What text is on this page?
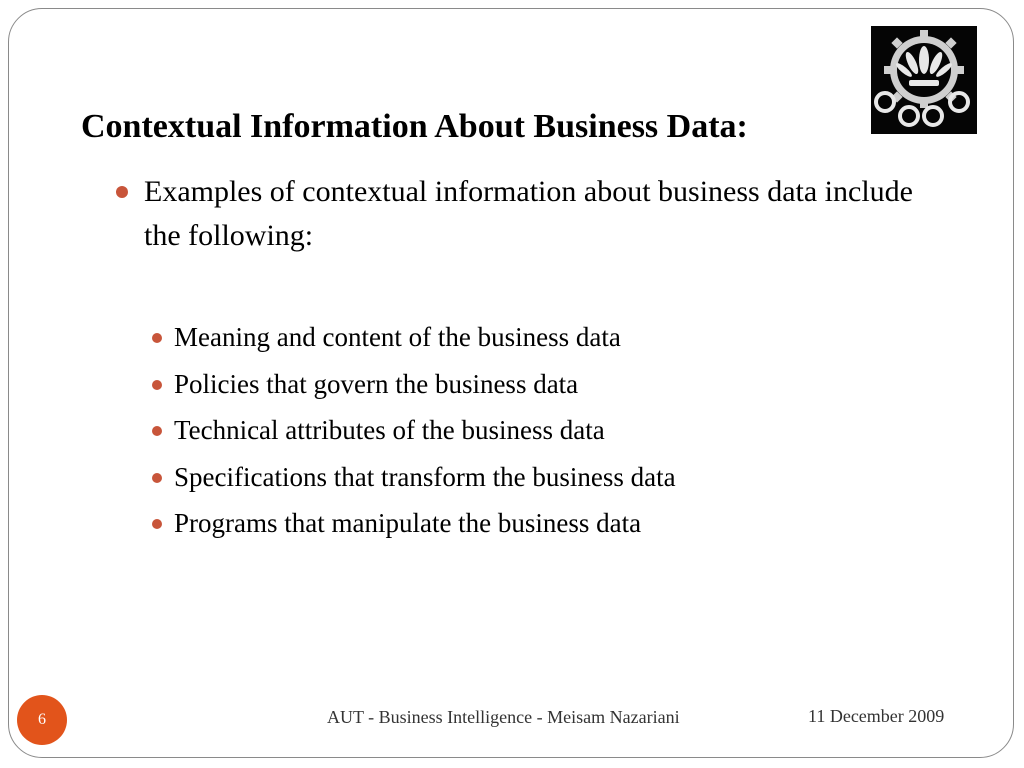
Contextual Information About Business Data:
Examples of contextual information about business data include the following:
Meaning and content of the business data
Policies that govern the business data
Technical attributes of the business data
Specifications that transform the business data
Programs that manipulate the business data
6	AUT - Business Intelligence - Meisam Nazariani	11 December 2009
